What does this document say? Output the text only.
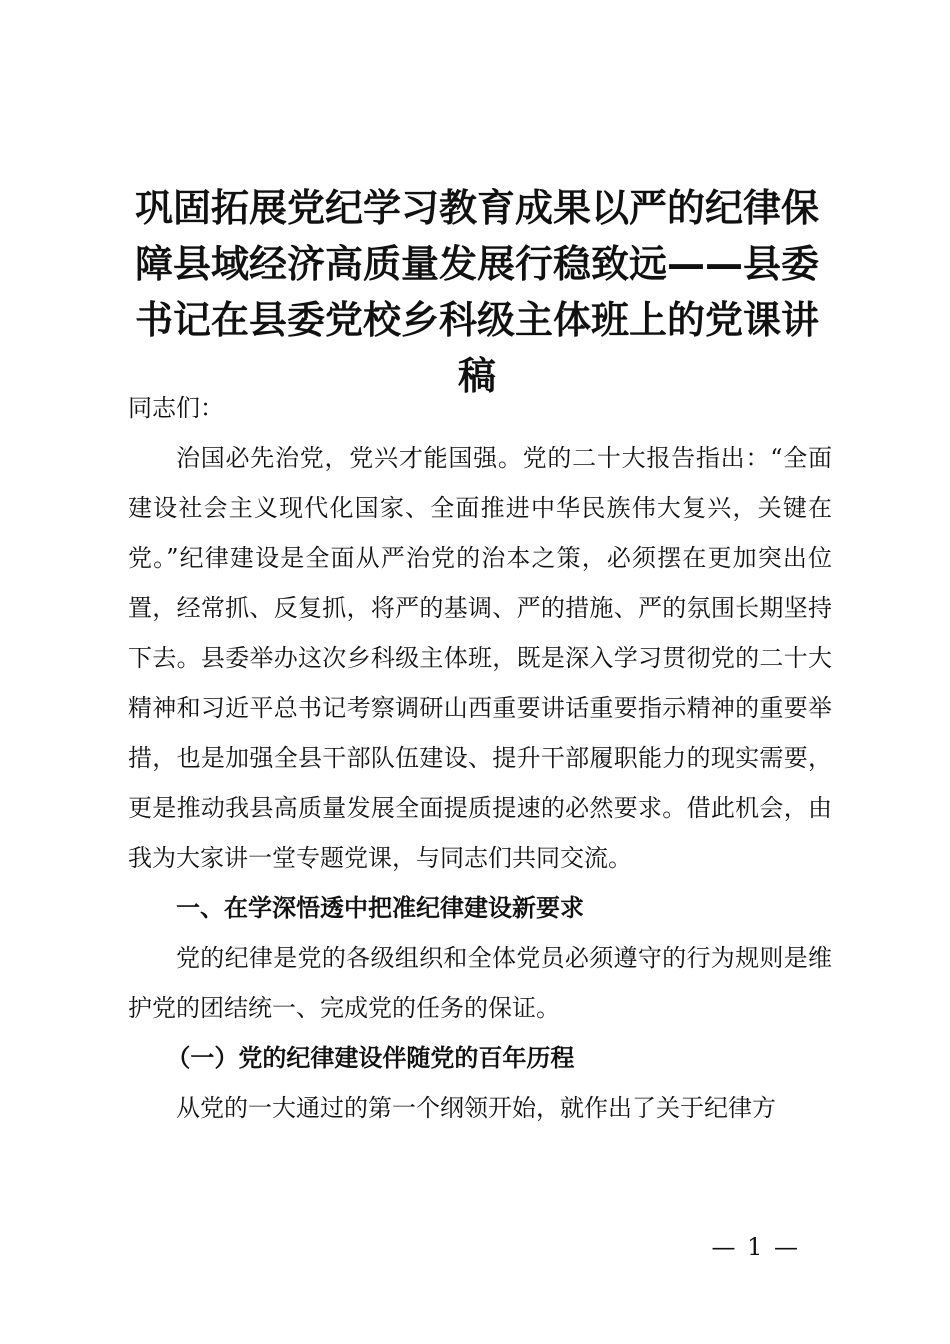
巩固拓展党纪学习教育成果以严的纪律保障县域经济高质量发展行稳致远——县委书记在县委党校乡科级主体班上的党课讲稿

同志们：

治国必先治党，党兴才能国强。党的二十大报告指出：“全面建设社会主义现代化国家、全面推进中华民族伟大复兴，关键在党。”纪律建设是全面从严治党的治本之策，必须摆在更加突出位置，经常抓、反复抓，将严的基调、严的措施、严的氛围长期坚持下去。县委举办这次乡科级主体班，既是深入学习贯彻党的二十大精神和习近平总书记考察调研山西重要讲话重要指示精神的重要举措，也是加强全县干部队伍建设、提升干部履职能力的现实需要，更是推动我县高质量发展全面提质提速的必然要求。借此机会，由我为大家讲一堂专题党课，与同志们共同交流。

一、在学深悟透中把准纪律建设新要求

党的纪律是党的各级组织和全体党员必须遵守的行为规则是维护党的团结统一、完成党的任务的保证。

（一）党的纪律建设伴随党的百年历程

从党的一大通过的第一个纲领开始，就作出了关于纪律方

— 1 —
